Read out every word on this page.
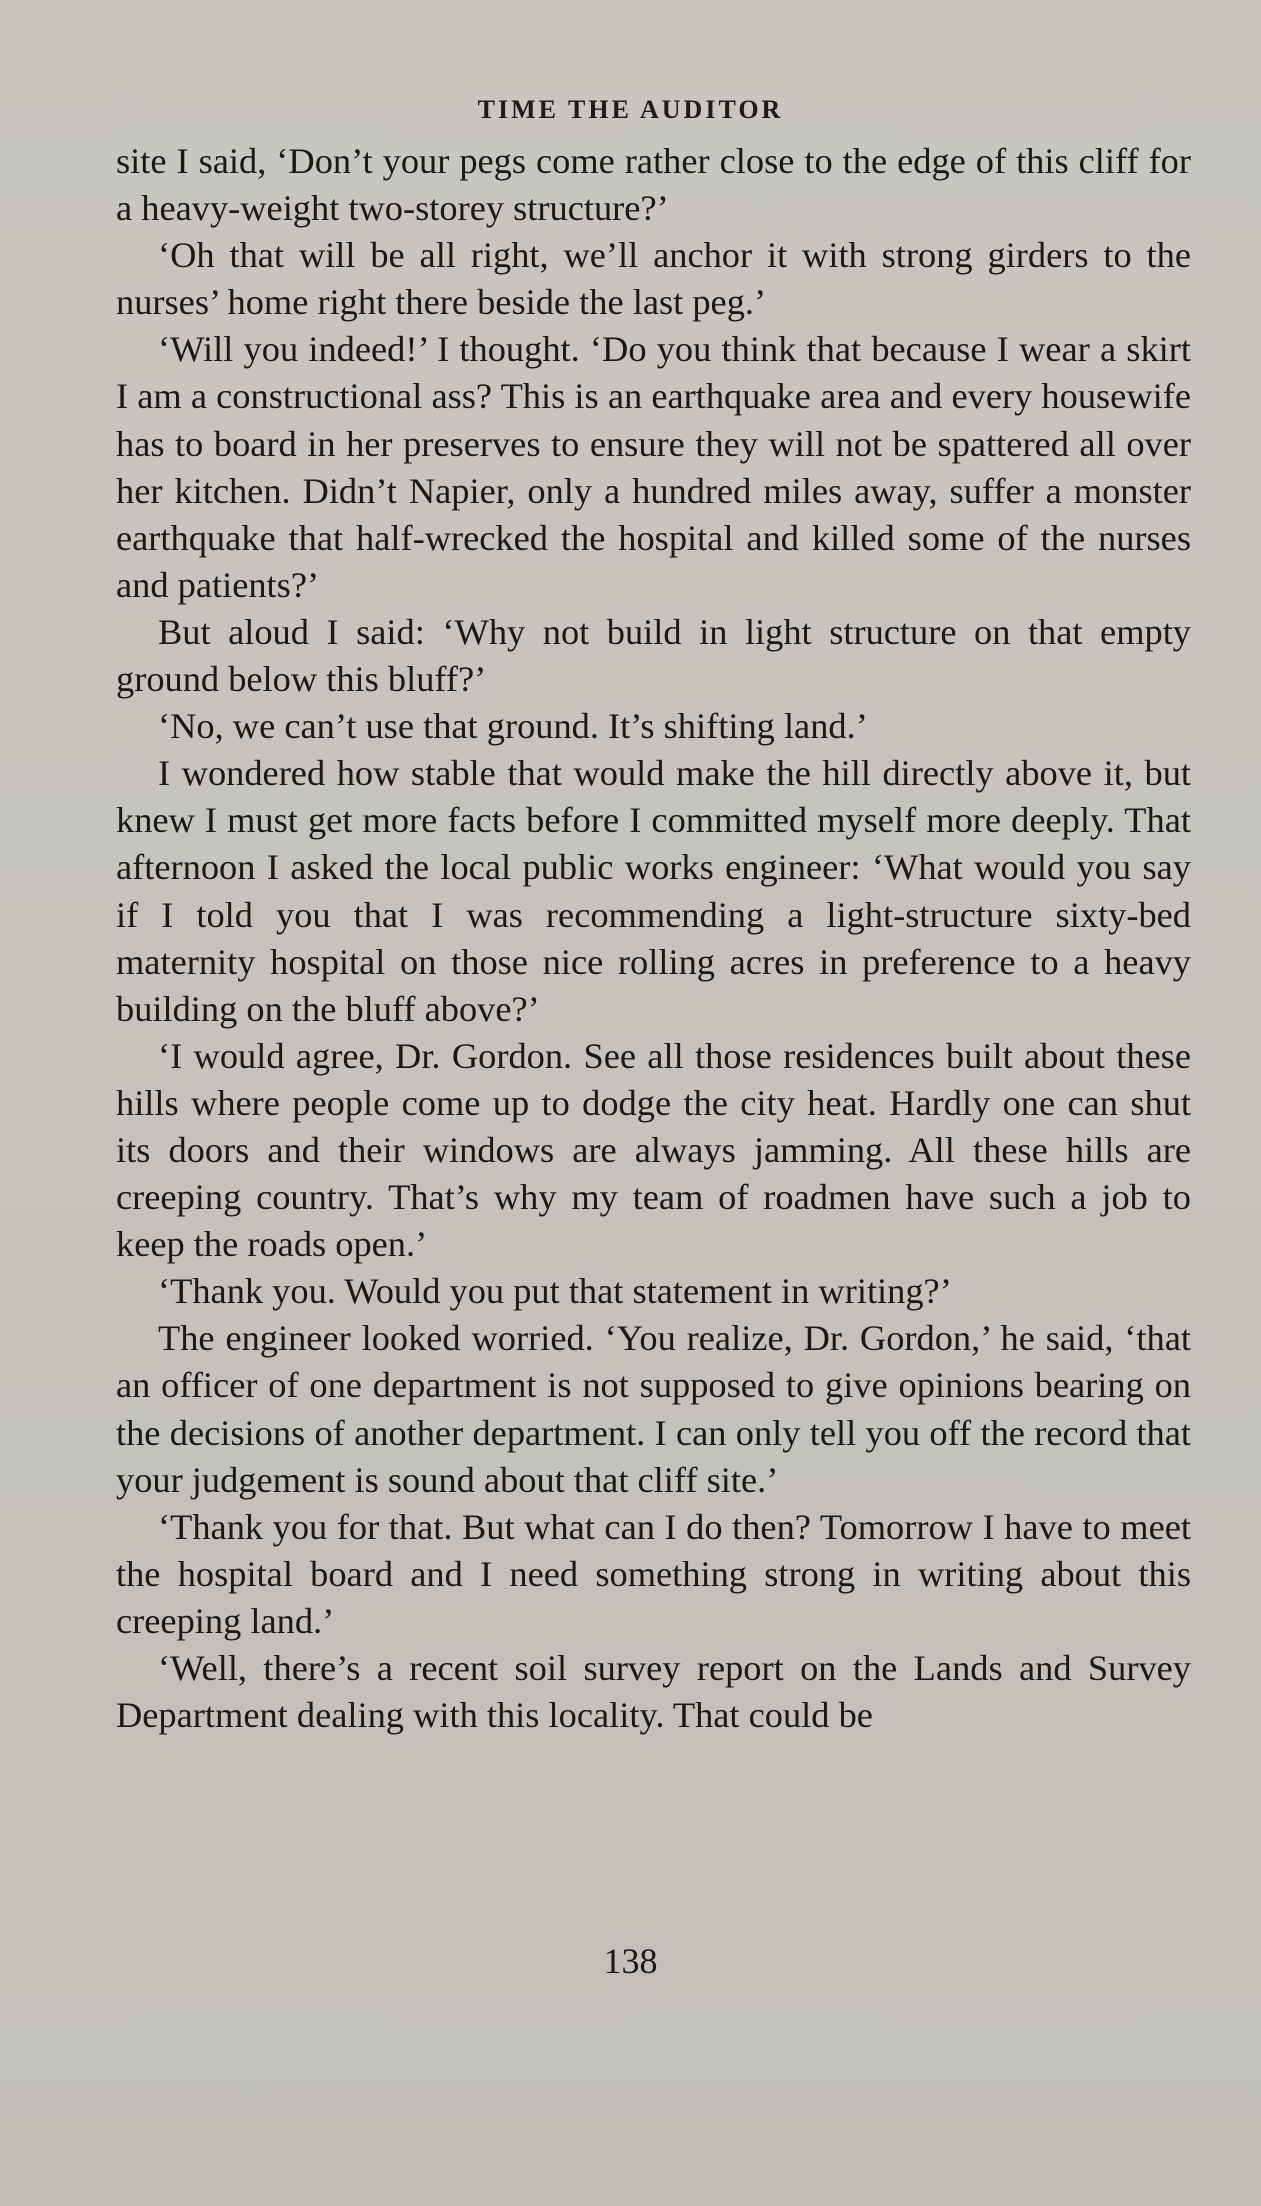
TIME THE AUDITOR

site I said, ‘Don’t your pegs come rather close to the edge of this cliff for a heavy-weight two-storey structure?’

‘Oh that will be all right, we’ll anchor it with strong girders to the nurses’ home right there beside the last peg.’

‘Will you indeed!’ I thought. ‘Do you think that because I wear a skirt I am a constructional ass? This is an earthquake area and every housewife has to board in her preserves to ensure they will not be spattered all over her kitchen. Didn’t Napier, only a hundred miles away, suffer a monster earthquake that half-wrecked the hospital and killed some of the nurses and patients?’

But aloud I said: ‘Why not build in light structure on that empty ground below this bluff?’

‘No, we can’t use that ground. It’s shifting land.’

I wondered how stable that would make the hill directly above it, but knew I must get more facts before I committed myself more deeply. That afternoon I asked the local public works engineer: ‘What would you say if I told you that I was recommending a light-structure sixty-bed maternity hospital on those nice rolling acres in preference to a heavy building on the bluff above?’

‘I would agree, Dr. Gordon. See all those residences built about these hills where people come up to dodge the city heat. Hardly one can shut its doors and their windows are always jamming. All these hills are creeping country. That’s why my team of roadmen have such a job to keep the roads open.’

‘Thank you. Would you put that statement in writing?’

The engineer looked worried. ‘You realize, Dr. Gordon,’ he said, ‘that an officer of one department is not supposed to give opinions bearing on the decisions of another department. I can only tell you off the record that your judgement is sound about that cliff site.’

‘Thank you for that. But what can I do then? Tomorrow I have to meet the hospital board and I need something strong in writing about this creeping land.’

‘Well, there’s a recent soil survey report on the Lands and Survey Department dealing with this locality. That could be

138
